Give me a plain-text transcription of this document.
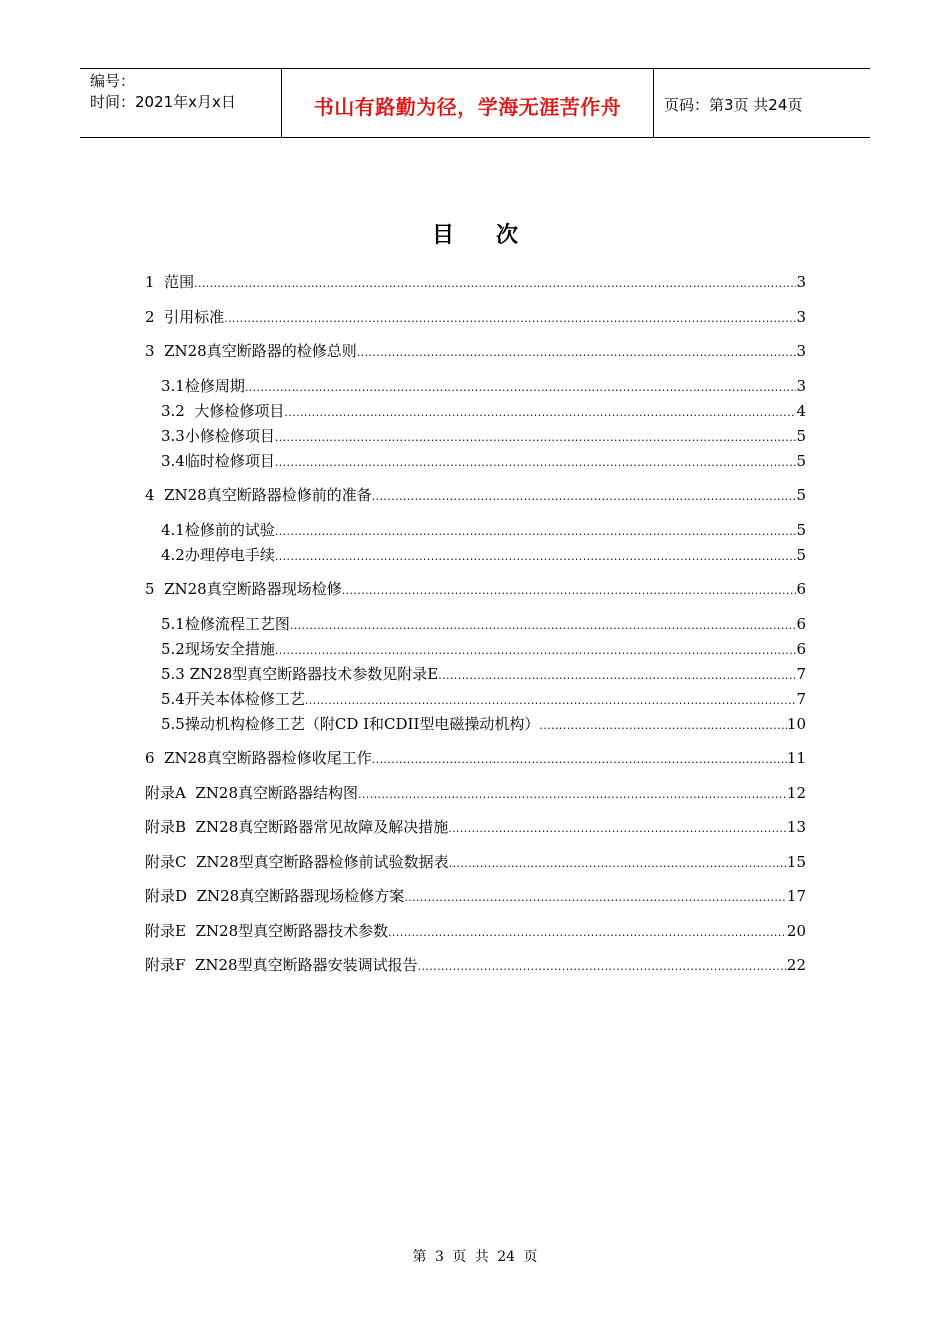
编号：
时间：2021年x月x日	书山有路勤为径，学海无涯苦作舟	页码：第3页 共24页
目次
1  范围 .....	3
2  引用标准 .....	3
3  ZN28真空断路器的检修总则 .....	3
3.1检修周期 .....	3
3.2  大修检修项目 .....	4
3.3小修检修项目 .....	5
3.4临时检修项目 .....	5
4  ZN28真空断路器检修前的准备 .....	5
4.1检修前的试验 .....	5
4.2办理停电手续 .....	5
5  ZN28真空断路器现场检修 .....	6
5.1检修流程工艺图 .....	6
5.2现场安全措施 .....	6
5.3 ZN28型真空断路器技术参数见附录E .....	7
5.4开关本体检修工艺 .....	7
5.5操动机构检修工艺（附CD I和CDII型电磁操动机构） .....	10
6  ZN28真空断路器检修收尾工作 .....	11
附录A  ZN28真空断路器结构图 .....	12
附录B  ZN28真空断路器常见故障及解决措施 .....	13
附录C  ZN28型真空断路器检修前试验数据表 .....	15
附录D  ZN28真空断路器现场检修方案 .....	17
附录E  ZN28型真空断路器技术参数 .....	20
附录F  ZN28型真空断路器安装调试报告 .....	22
第 3 页 共 24 页
